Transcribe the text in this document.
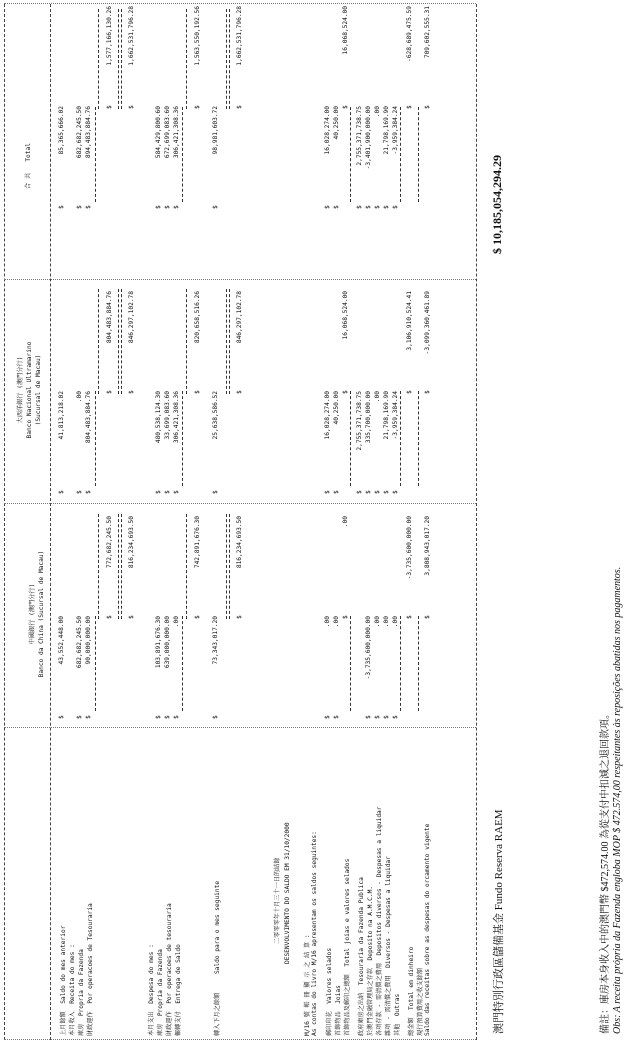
中國銀行 (澳門分行) Banco da China (Sucursal de Macau)
大西洋銀行 (澳門分行) Banco Nacional Ultramarino (Sucursal de Macau)
合 共   Total
上月餘額  Saldo do mes anterior
$
43,552,448.00
$
41,813,218.02
$
85,365,666.02
本月收入  Receita do mes : 庫房  Propria da Fazenda
$
682,682,245.50
$
.00
$
682,682,245.50
財政運作  Por operacoes de Tesouraria
$
90,000,000.00
$
804,483,884.76
$
894,483,884.76
$
772,682,245.50
$
804,483,884.76
$
1,577,166,130.26
$
816,234,693.50
$
846,297,102.78
$
1,662,531,796.28
本月支出  Despesa do mes : 庫房  Propria da Fazenda
$
103,891,676.30
$
480,538,124.30
$
584,429,800.60
財政運作  Por operacoes de tesouraria
$
639,000,000.00
$
33,699,083.60
$
672,699,083.60
輾轉支付  Entrega de Saldo
$
.00
$
306,421,308.36
$
306,421,308.36
$
742,891,676.30
$
820,658,516.26
$
1,563,550,192.56
轉入下月之餘額     Saldo para o mes seguinte
$
73,343,017.20
$
25,638,586.52
$
98,981,603.72
$
816,234,693.50
$
846,297,102.78
$
1,662,531,796.28
二零零零年十月三十一日的結餘 DESENVOLVIMENTO DO SALDO EM 31/10/2000
M/16 號 帳 冊 顯 示 之 結 算 : As contas do livro M/16 apresentam os saldos seguintes:	郵印印花  Valores selados
$
.00
$
16,028,274.00
$
16,028,274.00
首飾物品  Joias
$
.00
$
40,250.00
$
40,250.00
首飾物品及郵印之總額  Total joias e valores selados
$
.00
$
16,068,524.00
$
16,068,524.00
政府庫房之出納  Tesouraria da Fazenda Publica
$
2,755,371,738.75
$
2,755,371,738.75
於澳門金融管理局之存款  Deposito na A.M.C.M.
$
-3,735,600,000.00
$
335,700,000.00
$
-3,401,900,000.00
各項存款 - 需清償之費用  Depositos diversos - Despesas a liquidar
$
.00
$
.00
$
.00
雜項 - 需清償之費用  Diversos - Despesas a liquidar
$
.00
$
21,798,169.90
$
21,798,169.90
其他  Outras
$
.00
$
-3,959,384.24
$
-3,959,384.24
總金額  Total em dinheiro
$
-3,735,600,000.00
$
3,106,910,524.41
$
-628,689,475.59
現行預算費用之收支餘額 Saldo das receitas sobre as despesas do orcamento vigente
$
3,808,943,017.20
$
-3,099,360,461.89
$
709,602,555.31
澳門特別行政區儲備基金 Fundo Reserva RAEM
$ 10,185,054,294.29
備註：庫房本身收入中的澳門幣 $472,574.00 為從支付中扣減之退回款項。 Obs: A receita própria da Fazenda engloba MOP $ 472.574,00 respeitantes às reposições abatidas nos pagamentos.
